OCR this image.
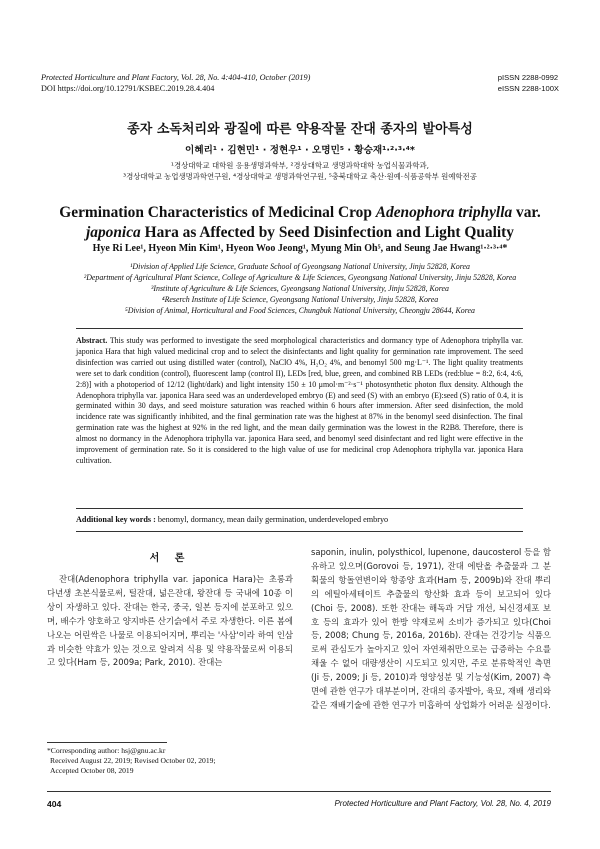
Protected Horticulture and Plant Factory, Vol. 28, No. 4:404-410, October (2019)
DOI https://doi.org/10.12791/KSBEC.2019.28.4.404
pISSN 2288-0992
eISSN 2288-100X
종자 소독처리와 광질에 따른 약용작물 잔대 종자의 발아특성
이혜리¹ · 김현민¹ · 정현우¹ · 오명민⁵ · 황승재¹·²·³·⁴*
¹경상대학교 대학원 응용생명과학부, ²경상대학교 생명과학대학 농업식물과학과,
³경상대학교 농업생명과학연구원, ⁴경상대학교 생명과학연구원, ⁵충북대학교 축산·원예·식품공학부 원예학전공
Germination Characteristics of Medicinal Crop Adenophora triphylla var.
japonica Hara as Affected by Seed Disinfection and Light Quality
Hye Ri Lee¹, Hyeon Min Kim¹, Hyeon Woo Jeong¹, Myung Min Oh⁵, and Seung Jae Hwang¹·²·³·⁴*
¹Division of Applied Life Science, Graduate School of Gyeongsang National University, Jinju 52828, Korea
²Department of Agricultural Plant Science, College of Agriculture & Life Sciences, Gyeongsang National University, Jinju 52828, Korea
³Institute of Agriculture & Life Sciences, Gyeongsang National University, Jinju 52828, Korea
⁴Reserch Institute of Life Science, Gyeongsang National University, Jinju 52828, Korea
⁵Division of Animal, Horticultural and Food Sciences, Chungbuk National University, Cheongju 28644, Korea
Abstract. This study was performed to investigate the seed morphological characteristics and dormancy type of Adenophora triphylla var. japonica Hara that high valued medicinal crop and to select the disinfectants and light quality for germination rate improvement. The seed disinfection was carried out using distilled water (control), NaClO 4%, H₂O₂ 4%, and benomyl 500 mg·L⁻¹. The light quality treatments were set to dark condition (control), fluorescent lamp (control II), LEDs [red, blue, green, and combined RB LEDs (red:blue = 8:2, 6:4, 4:6, 2:8)] with a photoperiod of 12/12 (light/dark) and light intensity 150 ± 10 μmol·m⁻²·s⁻¹ photosynthetic photon flux density. Although the Adenophora triphylla var. japonica Hara seed was an underdeveloped embryo (E) and seed (S) with an embryo (E):seed (S) ratio of 0.4, it is germinated within 30 days, and seed moisture saturation was reached within 6 hours after immersion. After seed disinfection, the mold incidence rate was significantly inhibited, and the final germination rate was the highest at 87% in the benomyl seed disinfection. The final germination rate was the highest at 92% in the red light, and the mean daily germination was the lowest in the R2B8. Therefore, there is almost no dormancy in the Adenophora triphylla var. japonica Hara seed, and benomyl seed disinfectant and red light were effective in the improvement of germination rate. So it is considered to the high value of use for medicinal crop Adenophora triphylla var. japonica Hara cultivation.
Additional key words : benomyl, dormancy, mean daily germination, underdeveloped embryo
서 론
잔대(Adenophora triphylla var. japonica Hara)는 초롱과 다년생 초본식물로써, 털잔대, 넓은잔대, 왕잔대 등 국내에 10종 이상이 자생하고 있다. 잔대는 한국, 중국, 일본 등지에 분포하고 있으며, 배수가 양호하고 양지바른 산기슭에서 주로 자생한다. 이른 봄에 나오는 어린싹은 나물로 이용되어지며, 뿌리는 '사삼'이라 하여 인삼과 비슷한 약효가 있는 것으로 알려져 식용 및 약용작물로써 이용되고 있다(Ham 등, 2009a; Park, 2010). 잔대는
saponin, inulin, polysthicol, lupenone, daucosterol 등을 함유하고 있으며(Gorovoi 등, 1971), 잔대 에탄올 추출물과 그 분획물의 항돌연변이와 항종양 효과(Ham 등, 2009b)와 잔대 뿌리의 에틸아세테이트 추출물의 항산화 효과 등이 보고되어 있다(Choi 등, 2008). 또한 잔대는 해독과 거담 개선, 뇌신경세포 보호 등의 효과가 있어 한방 약재로써 소비가 증가되고 있다(Choi 등, 2008; Chung 등, 2016a, 2016b). 잔대는 건강기능 식품으로써 관심도가 높아지고 있어 자연채취만으로는 급증하는 수요를 채울 수 없어 대량생산이 시도되고 있지만, 주로 분류학적인 측면(Ji 등, 2009; Ji 등, 2010)과 영양성분 및 기능성(Kim, 2007) 측면에 관한 연구가 대부분이며, 잔대의 종자발아, 육묘, 재배 생리와 같은 재배기술에 관한 연구가 미흡하여 상업화가 어려운 실정이다.
*Corresponding author: hsj@gnu.ac.kr
Received August 22, 2019; Revised October 02, 2019;
Accepted October 08, 2019
404	Protected Horticulture and Plant Factory, Vol. 28, No. 4, 2019
